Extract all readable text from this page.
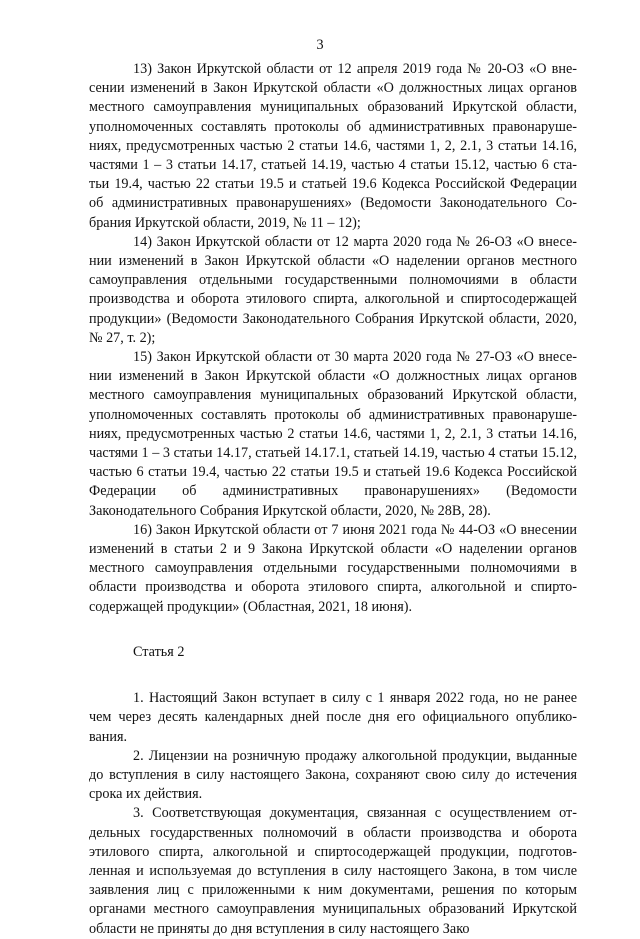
3

13) Закон Иркутской области от 12 апреля 2019 года № 20-ОЗ «О внесении изменений в Закон Иркутской области «О должностных лицах органов местного самоуправления муниципальных образований Иркутской области, уполномоченных составлять протоколы об административных правонарушениях, предусмотренных частью 2 статьи 14.6, частями 1, 2, 2.1, 3 статьи 14.16, частями 1 – 3 статьи 14.17, статьей 14.19, частью 4 статьи 15.12, частью 6 статьи 19.4, частью 22 статьи 19.5 и статьей 19.6 Кодекса Российской Федерации об административных правонарушениях» (Ведомости Законодательного Собрания Иркутской области, 2019, № 11 – 12);

14) Закон Иркутской области от 12 марта 2020 года № 26-ОЗ «О внесении изменений в Закон Иркутской области «О наделении органов местного самоуправления отдельными государственными полномочиями в области производства и оборота этилового спирта, алкогольной и спиртосодержащей продукции» (Ведомости Законодательного Собрания Иркутской области, 2020, № 27, т. 2);

15) Закон Иркутской области от 30 марта 2020 года № 27-ОЗ «О внесении изменений в Закон Иркутской области «О должностных лицах органов местного самоуправления муниципальных образований Иркутской области, уполномоченных составлять протоколы об административных правонарушениях, предусмотренных частью 2 статьи 14.6, частями 1, 2, 2.1, 3 статьи 14.16, частями 1 – 3 статьи 14.17, статьей 14.17.1, статьей 14.19, частью 4 статьи 15.12, частью 6 статьи 19.4, частью 22 статьи 19.5 и статьей 19.6 Кодекса Российской Федерации об административных правонарушениях» (Ведомости Законодательного Собрания Иркутской области, 2020, № 28В, 28).

16) Закон Иркутской области от 7 июня 2021 года № 44-ОЗ «О внесении изменений в статьи 2 и 9 Закона Иркутской области «О наделении органов местного самоуправления отдельными государственными полномочиями в области производства и оборота этилового спирта, алкогольной и спиртосодержащей продукции» (Областная, 2021, 18 июня).

Статья 2

1. Настоящий Закон вступает в силу с 1 января 2022 года, но не ранее чем через десять календарных дней после дня его официального опубликования.

2. Лицензии на розничную продажу алкогольной продукции, выданные до вступления в силу настоящего Закона, сохраняют свою силу до истечения срока их действия.

3. Соответствующая документация, связанная с осуществлением отдельных государственных полномочий в области производства и оборота этилового спирта, алкогольной и спиртосодержащей продукции, подготовленная и используемая до вступления в силу настоящего Закона, в том числе заявления лиц с приложенными к ним документами, решения по которым органами местного самоуправления муниципальных образований Иркутской области не приняты до дня вступления в силу настоящего Зако
